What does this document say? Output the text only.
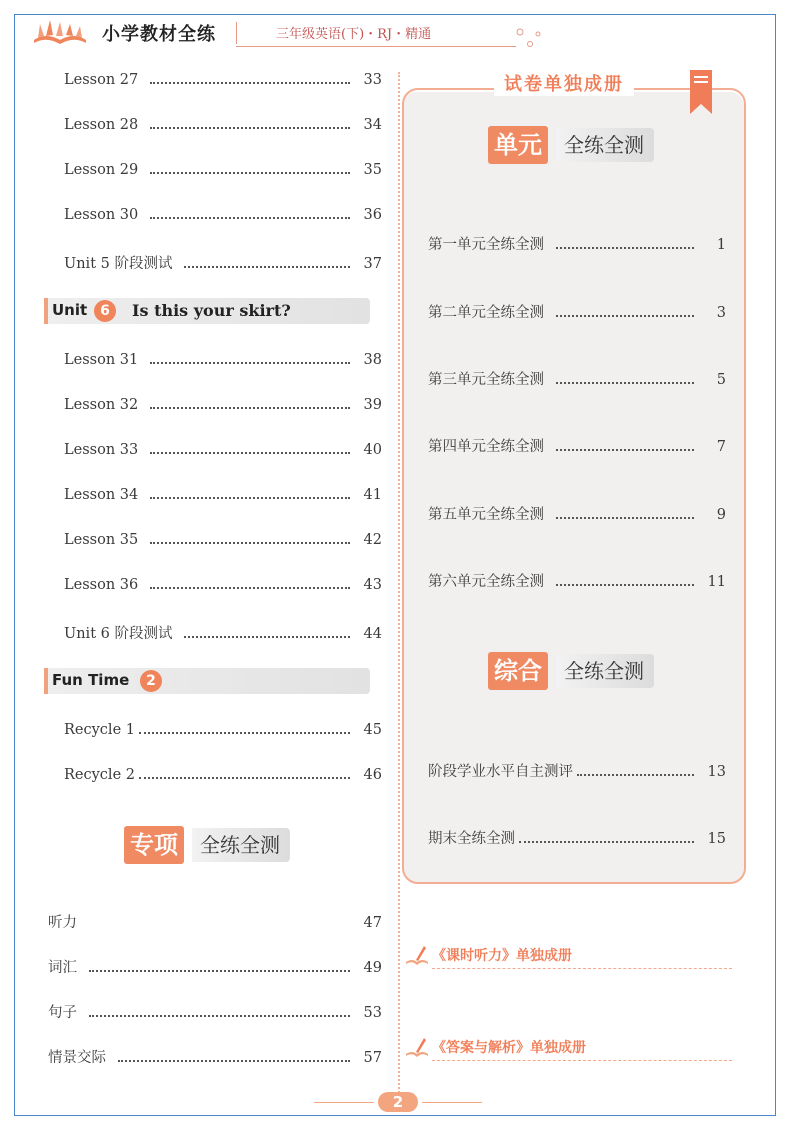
小学教材全练	三年级英语(下)・RJ・精通
Lesson 27	33
Lesson 28	34
Lesson 29	35
Lesson 30	36
Unit 5 阶段测试	37
Unit 6	Is this your skirt?
Lesson 31	38
Lesson 32	39
Lesson 33	40
Lesson 34	41
Lesson 35	42
Lesson 36	43
Unit 6 阶段测试	44
Fun Time	2
Recycle 1	45
Recycle 2	46
专项	全练全测
听力	47
词汇	49
句子	53
情景交际	57
试卷单独成册
单元	全练全测
第一单元全练全测	1
第二单元全练全测	3
第三单元全练全测	5
第四单元全练全测	7
第五单元全练全测	9
第六单元全练全测	11
综合	全练全测
阶段学业水平自主测评	13
期末全练全测	15
《课时听力》单独成册
《答案与解析》单独成册
2
